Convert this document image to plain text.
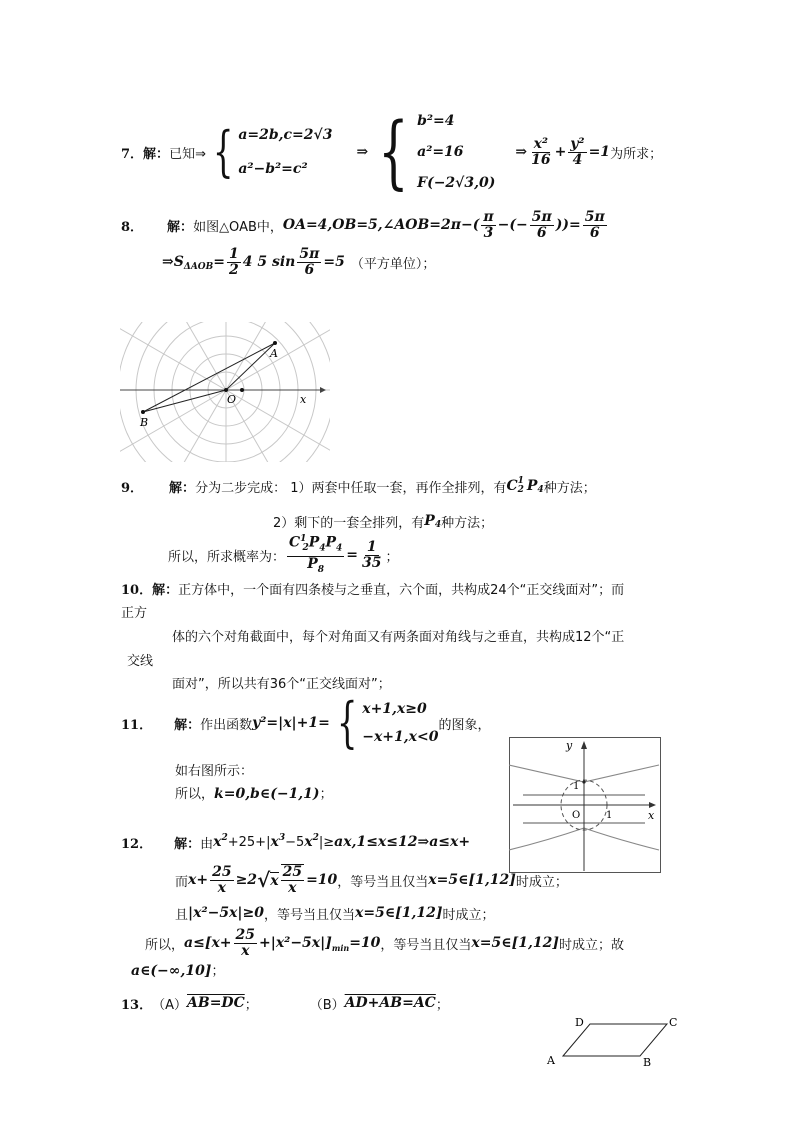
7． 解： 已知⇒ { a=2b,c=2√3
a²−b²=c²
⇒ { b²=4
a²=16
F(−2√3,0)
⇒ $\frac{\text{x²}}{16} + \frac{\text{y²}}{4} =1$ 为所求；
8． 解： 如图△OAB中， OA=4,OB=5,∠AOB=2π−( $\frac{\pi}{3}$ −(− $\frac{5\pi}{6}$ ))= $\frac{5\pi}{6}$
⇒S $\Delta AOB = \frac{1}{2} 4$ 5 $\sin \frac{5\pi}{6} =5$ （平方单位）；
A
B
O	x
9． 解： 分为二步完成： 1）两套中任取一套，再作全排列，有 C 1
2 P 4 种方法；
2）剩下的一套全排列，有 P 4 种方法；
所以，所求概率为： $\frac{C^1_2P_4P_4}{P_8} = \frac{1}{35}$ ；
10．解：正方体中，一个面有四条棱与之垂直，六个面，共构成24个“正交线面对”；而
正方
体的六个对角截面中，每个对角面又有两条面对角线与之垂直，共构成12个“正
交线
面对”，所以共有36个“正交线面对”；
11． 解： 作出函数 y²=|x|+1= { x+1,x≥0
−x+1,x<0
的图象，
如右图所示：
所以，k=0,b∈(−1,1)；
y
x
O	1
1
12． 解： 由 x 2 +25+| x 3 −5 x 2 |≥ ax,1≤x≤12⇒a≤x+
而 $x+ \frac{25}{x} \ge 2$ √ x $\frac{25}{x} =10$ ，等号当且仅当 x=5∈[1,12] 时成立；
且 |x²−5x|≥0 ，等号当且仅当 x=5∈[1,12] 时成立；
所以， $a\le[x+ \frac{25}{x} +|x^2-5x|]$ min =10 ，等号当且仅当 x=5∈[1,12] 时成立；故
a∈(−∞,10]；
13． （A） AB=DC ；	（B） AD+AB=AC ；
A	B
C
D
